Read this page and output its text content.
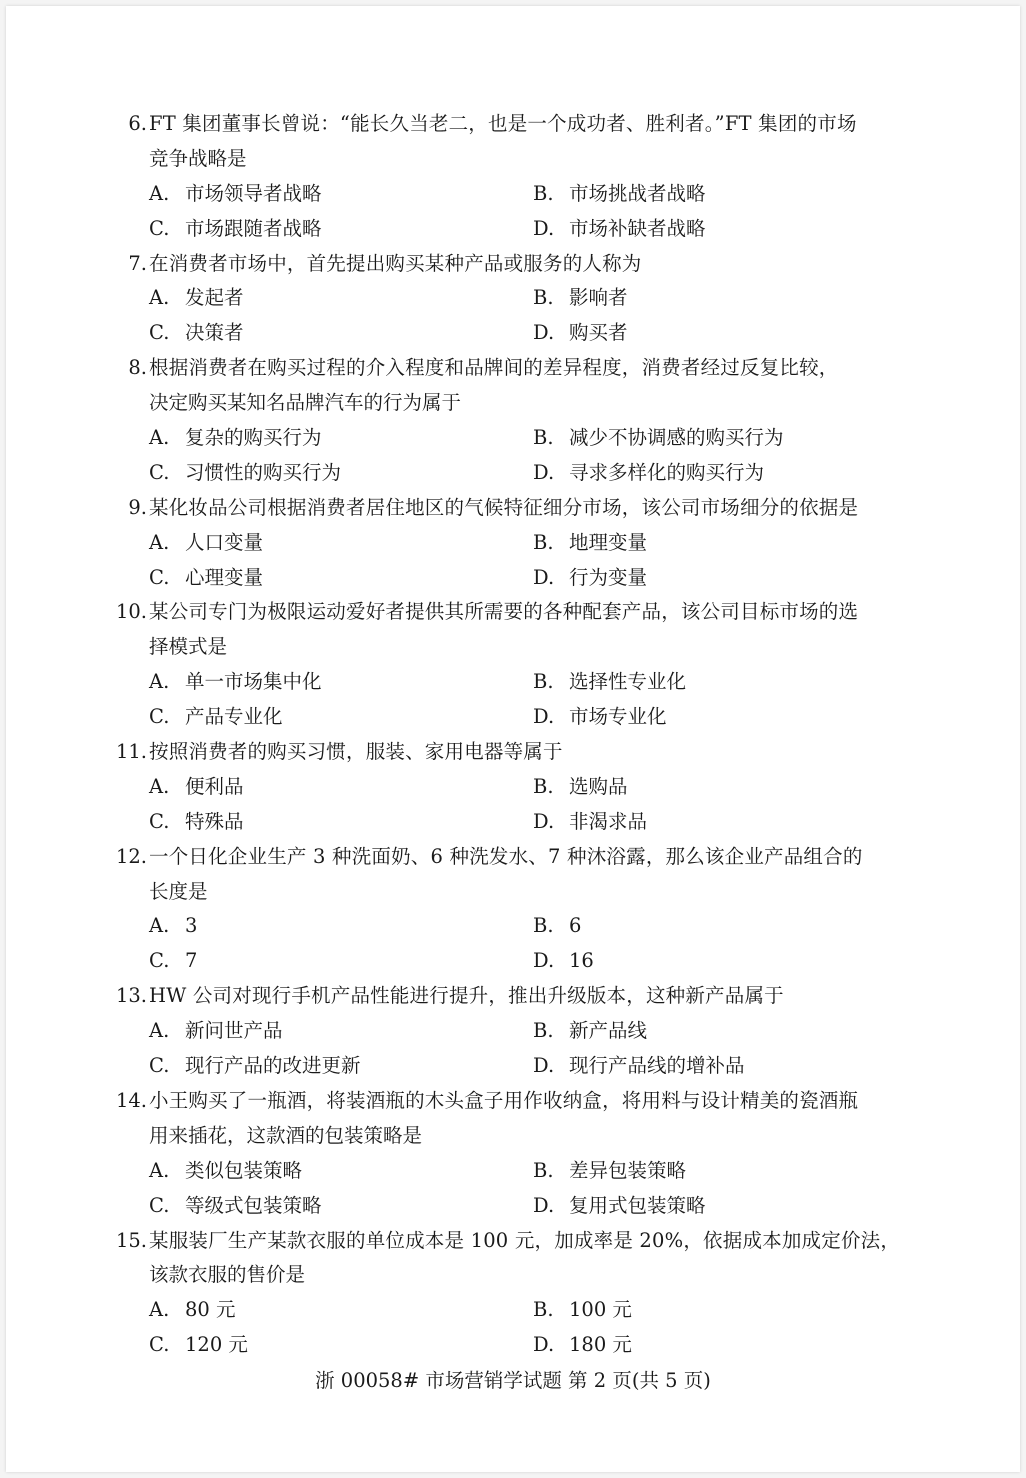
6. FT 集团董事长曾说：“能长久当老二，也是一个成功者、胜利者。”FT 集团的市场
竞争战略是
A. 市场领导者战略	B. 市场挑战者战略
C. 市场跟随者战略	D. 市场补缺者战略
7. 在消费者市场中，首先提出购买某种产品或服务的人称为
A. 发起者	B. 影响者
C. 决策者	D. 购买者
8. 根据消费者在购买过程的介入程度和品牌间的差异程度，消费者经过反复比较，
决定购买某知名品牌汽车的行为属于
A. 复杂的购买行为	B. 减少不协调感的购买行为
C. 习惯性的购买行为	D. 寻求多样化的购买行为
9. 某化妆品公司根据消费者居住地区的气候特征细分市场，该公司市场细分的依据是
A. 人口变量	B. 地理变量
C. 心理变量	D. 行为变量
10. 某公司专门为极限运动爱好者提供其所需要的各种配套产品，该公司目标市场的选
择模式是
A. 单一市场集中化	B. 选择性专业化
C. 产品专业化	D. 市场专业化
11. 按照消费者的购买习惯，服装、家用电器等属于
A. 便利品	B. 选购品
C. 特殊品	D. 非渴求品
12. 一个日化企业生产 3 种洗面奶、6 种洗发水、7 种沐浴露，那么该企业产品组合的
长度是
A. 3	B. 6
C. 7	D. 16
13. HW 公司对现行手机产品性能进行提升，推出升级版本，这种新产品属于
A. 新问世产品	B. 新产品线
C. 现行产品的改进更新	D. 现行产品线的增补品
14. 小王购买了一瓶酒，将装酒瓶的木头盒子用作收纳盒，将用料与设计精美的瓷酒瓶
用来插花，这款酒的包装策略是
A. 类似包装策略	B. 差异包装策略
C. 等级式包装策略	D. 复用式包装策略
15. 某服装厂生产某款衣服的单位成本是 100 元，加成率是 20%，依据成本加成定价法，
该款衣服的售价是
A. 80 元	B. 100 元
C. 120 元	D. 180 元
浙 00058# 市场营销学试题 第 2 页(共 5 页)
